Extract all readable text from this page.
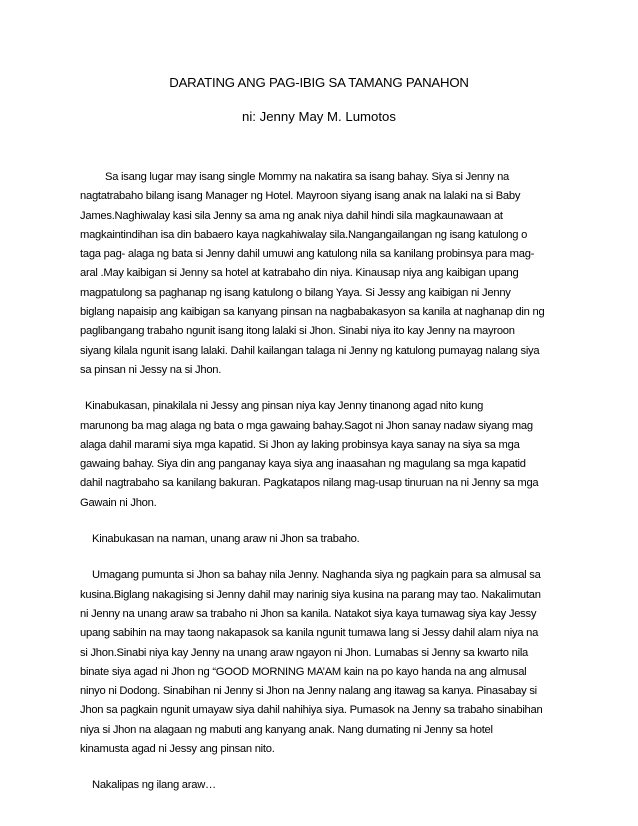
DARATING ANG PAG-IBIG SA TAMANG PANAHON
ni: Jenny May M. Lumotos

Sa isang lugar may isang single Mommy na nakatira sa isang bahay. Siya si Jenny na
nagtatrabaho bilang isang Manager ng Hotel. Mayroon siyang isang anak na lalaki na si Baby
James.Naghiwalay kasi sila Jenny sa ama ng anak niya dahil hindi sila magkaunawaan at
magkaintindihan isa din babaero kaya nagkahiwalay sila.Nangangailangan ng isang katulong o
taga pag- alaga ng bata si Jenny dahil umuwi ang katulong nila sa kanilang probinsya para mag-
aral .May kaibigan si Jenny sa hotel at katrabaho din niya. Kinausap niya ang kaibigan upang
magpatulong sa paghanap ng isang katulong o bilang Yaya. Si Jessy ang kaibigan ni Jenny
biglang napaisip ang kaibigan sa kanyang pinsan na nagbabakasyon sa kanila at naghanap din ng
paglibangang trabaho ngunit isang itong lalaki si Jhon. Sinabi niya ito kay Jenny na mayroon
siyang kilala ngunit isang lalaki. Dahil kailangan talaga ni Jenny ng katulong pumayag nalang siya
sa pinsan ni Jessy na si Jhon.

Kinabukasan, pinakilala ni Jessy ang pinsan niya kay Jenny tinanong agad nito kung
marunong ba mag alaga ng bata o mga gawaing bahay.Sagot ni Jhon sanay nadaw siyang mag
alaga dahil marami siya mga kapatid. Si Jhon ay laking probinsya kaya sanay na siya sa mga
gawaing bahay. Siya din ang panganay kaya siya ang inaasahan ng magulang sa mga kapatid
dahil nagtrabaho sa kanilang bakuran. Pagkatapos nilang mag-usap tinuruan na ni Jenny sa mga
Gawain ni Jhon.

Kinabukasan na naman, unang araw ni Jhon sa trabaho.

Umagang pumunta si Jhon sa bahay nila Jenny. Naghanda siya ng pagkain para sa almusal sa
kusina.Biglang nakagising si Jenny dahil may narinig siya kusina na parang may tao. Nakalimutan
ni Jenny na unang araw sa trabaho ni Jhon sa kanila. Natakot siya kaya tumawag siya kay Jessy
upang sabihin na may taong nakapasok sa kanila ngunit tumawa lang si Jessy dahil alam niya na
si Jhon.Sinabi niya kay Jenny na unang araw ngayon ni Jhon. Lumabas si Jenny sa kwarto nila
binate siya agad ni Jhon ng “GOOD MORNING MA’AM kain na po kayo handa na ang almusal
ninyo ni Dodong. Sinabihan ni Jenny si Jhon na Jenny nalang ang itawag sa kanya. Pinasabay si
Jhon sa pagkain ngunit umayaw siya dahil nahihiya siya. Pumasok na Jenny sa trabaho sinabihan
niya si Jhon na alagaan ng mabuti ang kanyang anak. Nang dumating ni Jenny sa hotel
kinamusta agad ni Jessy ang pinsan nito.

Nakalipas ng ilang araw…
